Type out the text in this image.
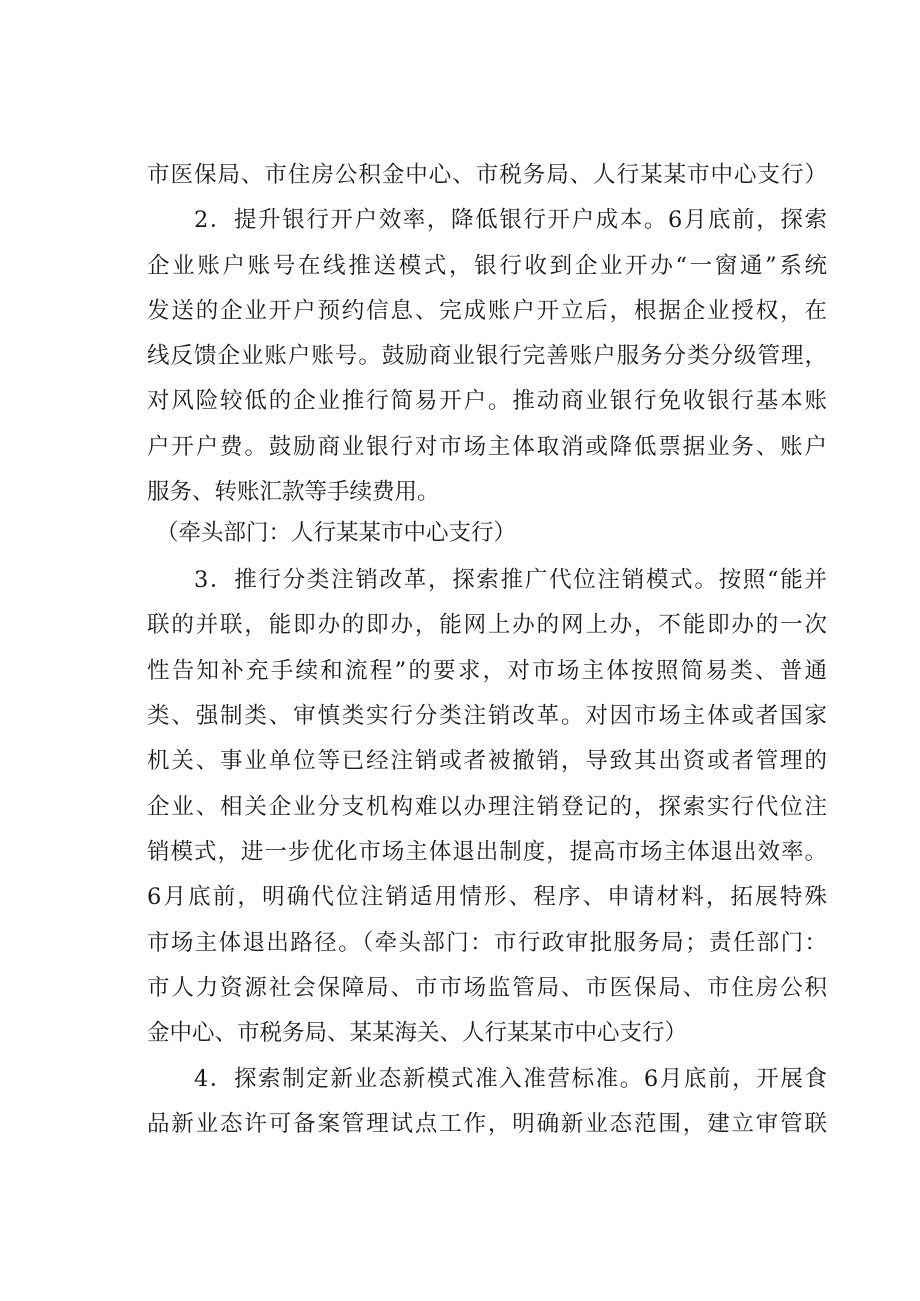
市医保局、市住房公积金中心、市税务局、人行某某市中心支行）
2．提升银行开户效率，降低银行开户成本。6月底前，探索
企业账户账号在线推送模式，银行收到企业开办“一窗通”系统
发送的企业开户预约信息、完成账户开立后，根据企业授权，在
线反馈企业账户账号。鼓励商业银行完善账户服务分类分级管理，
对风险较低的企业推行简易开户。推动商业银行免收银行基本账
户开户费。鼓励商业银行对市场主体取消或降低票据业务、账户
服务、转账汇款等手续费用。
（牵头部门：人行某某市中心支行）
3．推行分类注销改革，探索推广代位注销模式。按照“能并
联的并联，能即办的即办，能网上办的网上办，不能即办的一次
性告知补充手续和流程”的要求，对市场主体按照简易类、普通
类、强制类、审慎类实行分类注销改革。对因市场主体或者国家
机关、事业单位等已经注销或者被撤销，导致其出资或者管理的
企业、相关企业分支机构难以办理注销登记的，探索实行代位注
销模式，进一步优化市场主体退出制度，提高市场主体退出效率。
6月底前，明确代位注销适用情形、程序、申请材料，拓展特殊
市场主体退出路径。（牵头部门：市行政审批服务局；责任部门：
市人力资源社会保障局、市市场监管局、市医保局、市住房公积
金中心、市税务局、某某海关、人行某某市中心支行）
4．探索制定新业态新模式准入准营标准。6月底前，开展食
品新业态许可备案管理试点工作，明确新业态范围，建立审管联
